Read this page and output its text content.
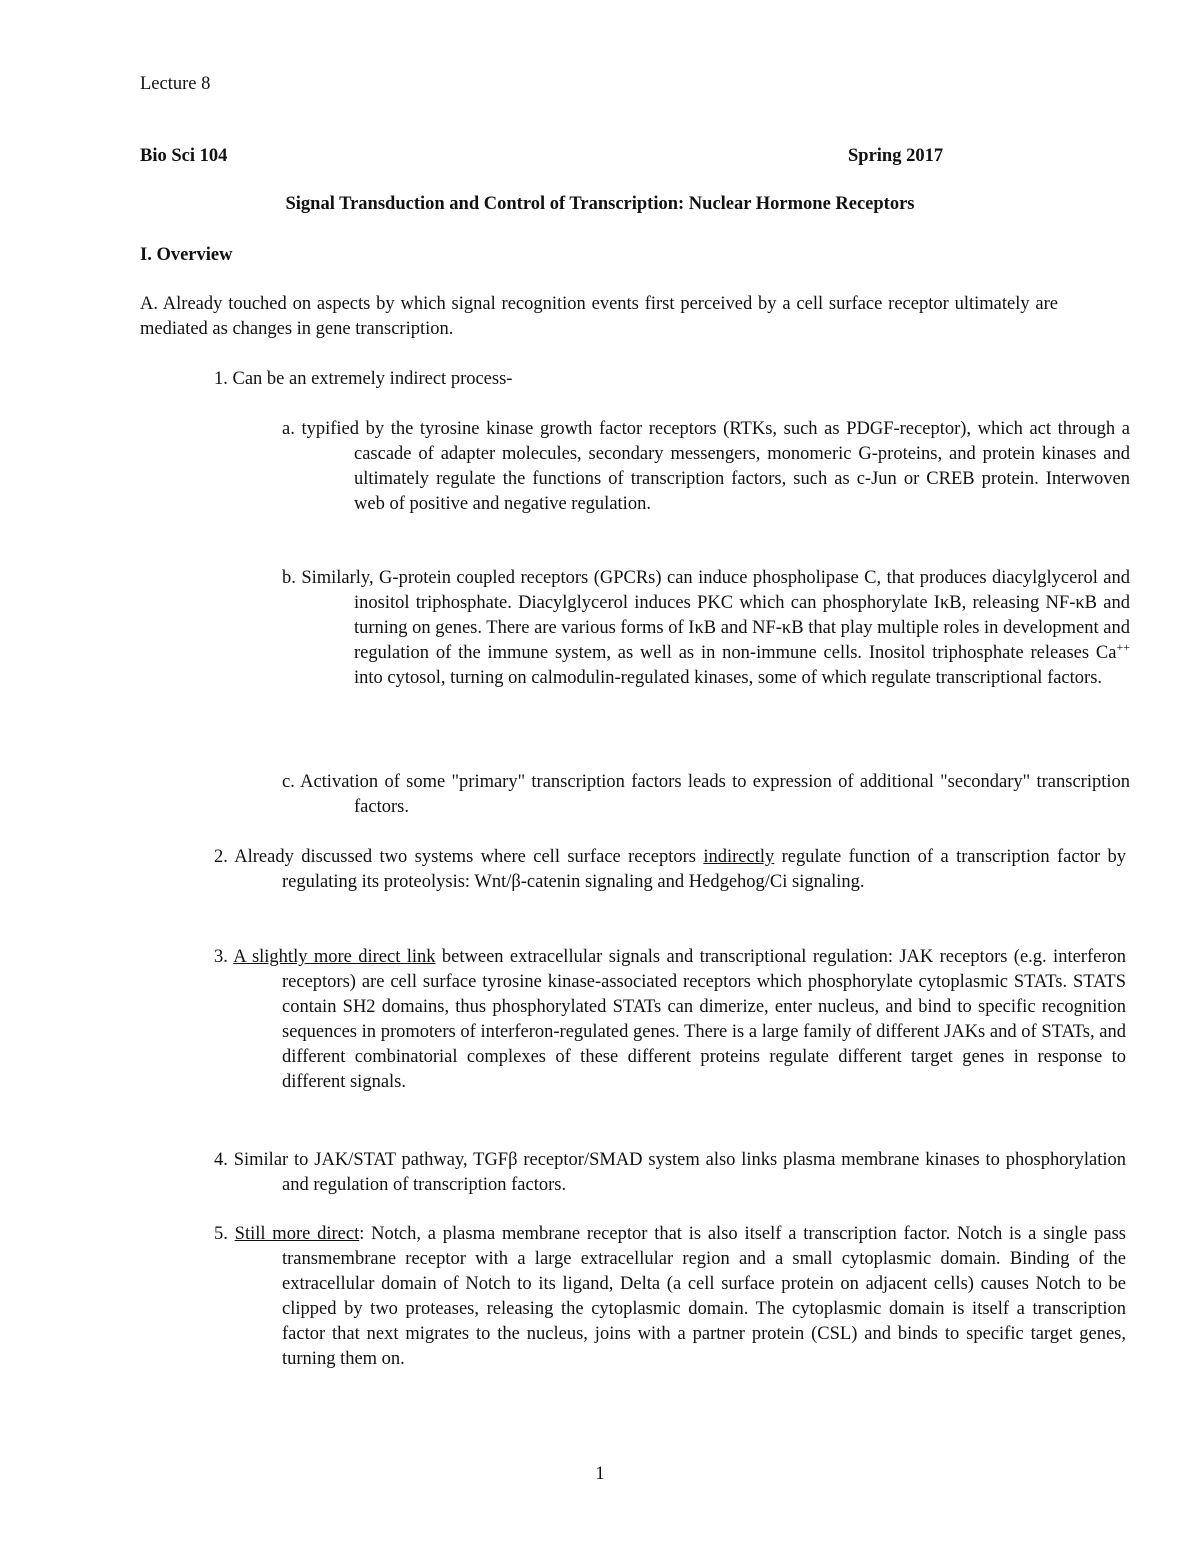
Lecture 8
Bio Sci 104	Spring 2017
Signal Transduction and Control of Transcription: Nuclear Hormone Receptors
I. Overview
A. Already touched on aspects by which signal recognition events first perceived by a cell surface receptor ultimately are mediated as changes in gene transcription.
1. Can be an extremely indirect process-
a. typified by the tyrosine kinase growth factor receptors (RTKs, such as PDGF-receptor), which act through a cascade of adapter molecules, secondary messengers, monomeric G-proteins, and protein kinases and ultimately regulate the functions of transcription factors, such as c-Jun or CREB protein. Interwoven web of positive and negative regulation.
b. Similarly, G-protein coupled receptors (GPCRs) can induce phospholipase C, that produces diacylglycerol and inositol triphosphate. Diacylglycerol induces PKC which can phosphorylate IκB, releasing NF-κB and turning on genes. There are various forms of IκB and NF-κB that play multiple roles in development and regulation of the immune system, as well as in non-immune cells. Inositol triphosphate releases Ca++ into cytosol, turning on calmodulin-regulated kinases, some of which regulate transcriptional factors.
c. Activation of some "primary" transcription factors leads to expression of additional "secondary" transcription factors.
2. Already discussed two systems where cell surface receptors indirectly regulate function of a transcription factor by regulating its proteolysis: Wnt/β-catenin signaling and Hedgehog/Ci signaling.
3. A slightly more direct link between extracellular signals and transcriptional regulation: JAK receptors (e.g. interferon receptors) are cell surface tyrosine kinase-associated receptors which phosphorylate cytoplasmic STATs. STATS contain SH2 domains, thus phosphorylated STATs can dimerize, enter nucleus, and bind to specific recognition sequences in promoters of interferon-regulated genes. There is a large family of different JAKs and of STATs, and different combinatorial complexes of these different proteins regulate different target genes in response to different signals.
4. Similar to JAK/STAT pathway, TGFβ receptor/SMAD system also links plasma membrane kinases to phosphorylation and regulation of transcription factors.
5. Still more direct: Notch, a plasma membrane receptor that is also itself a transcription factor. Notch is a single pass transmembrane receptor with a large extracellular region and a small cytoplasmic domain. Binding of the extracellular domain of Notch to its ligand, Delta (a cell surface protein on adjacent cells) causes Notch to be clipped by two proteases, releasing the cytoplasmic domain. The cytoplasmic domain is itself a transcription factor that next migrates to the nucleus, joins with a partner protein (CSL) and binds to specific target genes, turning them on.
1
